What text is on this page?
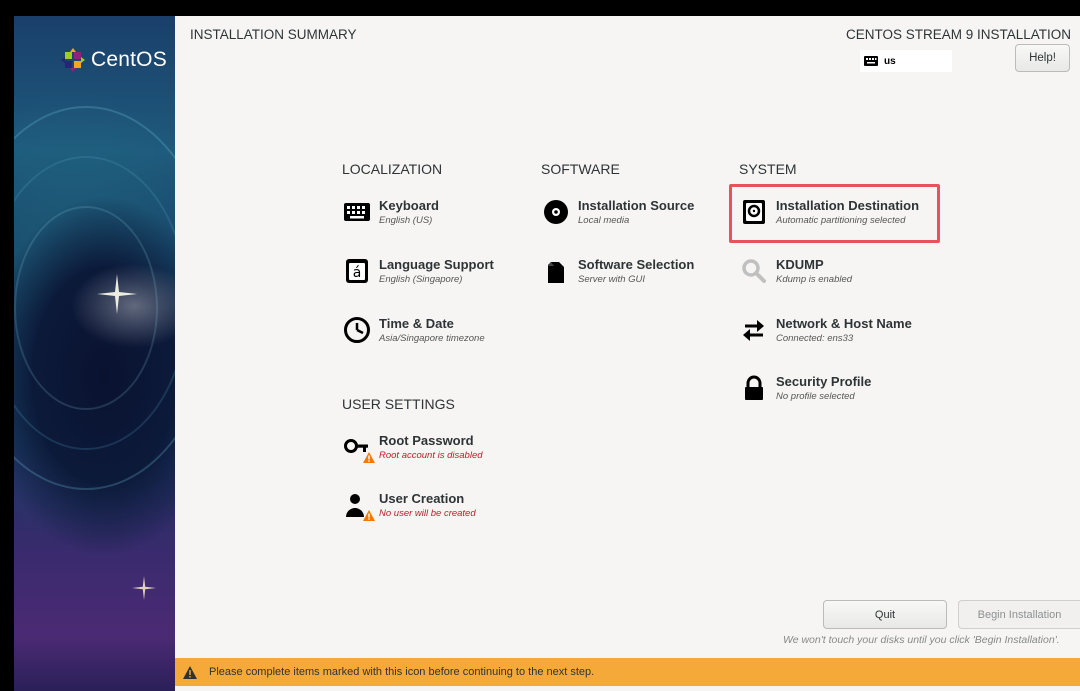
CentOS
INSTALLATION SUMMARY	CENTOS STREAM 9 INSTALLATION
us	Help!
LOCALIZATION	SOFTWARE	SYSTEM
USER SETTINGS
Keyboard
English (US)
á
Language Support
English (Singapore)
Time & Date
Asia/Singapore timezone
Installation Source
Local media
Software Selection
Server with GUI
Installation Destination
Automatic partitioning selected
KDUMP
Kdump is enabled
Network & Host Name
Connected: ens33
Security Profile
No profile selected
Root Password
Root account is disabled
User Creation
No user will be created
Quit	Begin Installation
We won't touch your disks until you click 'Begin Installation'.
Please complete items marked with this icon before continuing to the next step.
